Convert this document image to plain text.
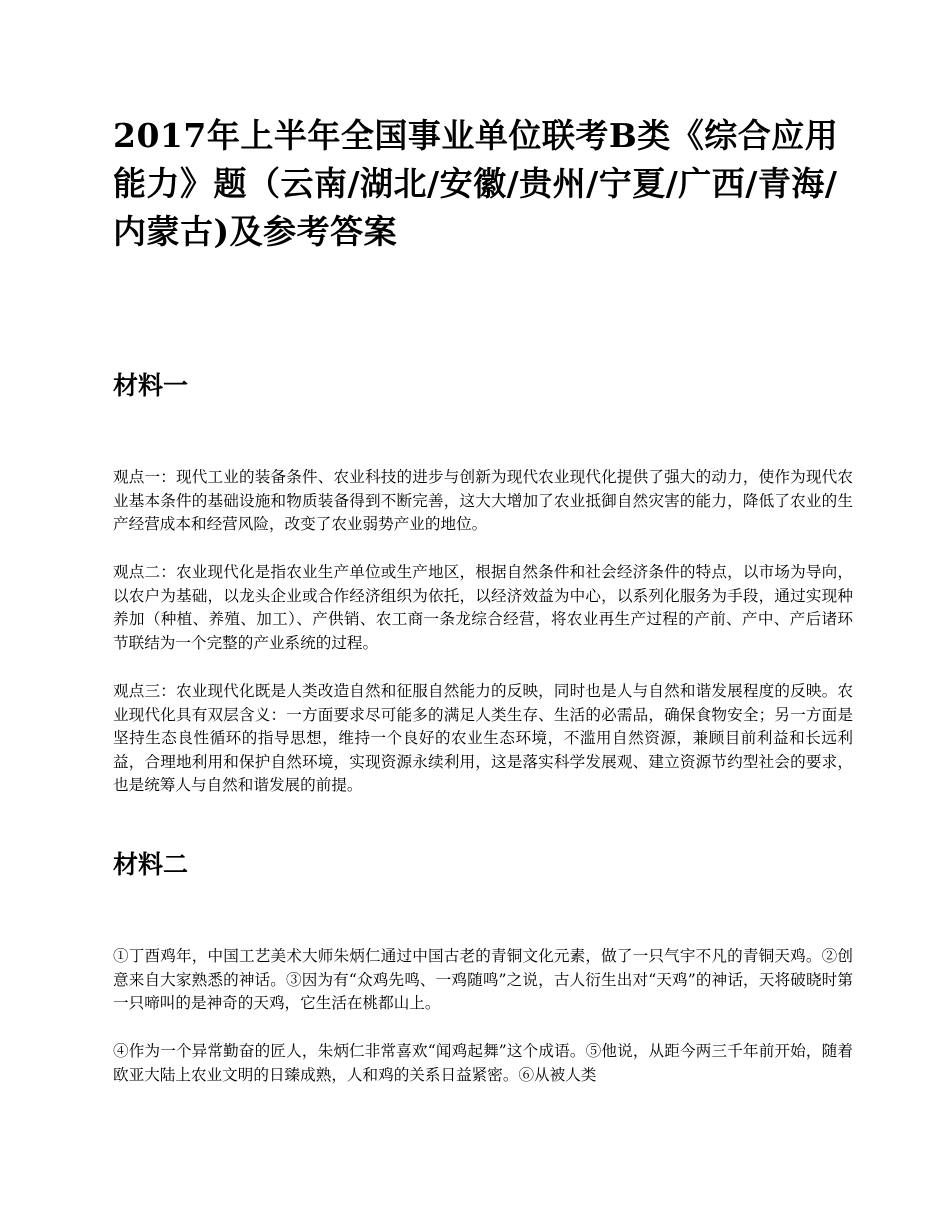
2017年上半年全国事业单位联考B类《综合应用能力》题（云南/湖北/安徽/贵州/宁夏/广西/青海/内蒙古)及参考答案
材料一

观点一：现代工业的装备条件、农业科技的进步与创新为现代农业现代化提供了强大的动力，使作为现代农业基本条件的基础设施和物质装备得到不断完善，这大大增加了农业抵御自然灾害的能力，降低了农业的生产经营成本和经营风险，改变了农业弱势产业的地位。

观点二：农业现代化是指农业生产单位或生产地区，根据自然条件和社会经济条件的特点，以市场为导向，以农户为基础，以龙头企业或合作经济组织为依托，以经济效益为中心，以系列化服务为手段，通过实现种养加（种植、养殖、加工）、产供销、农工商一条龙综合经营，将农业再生产过程的产前、产中、产后诸环节联结为一个完整的产业系统的过程。

观点三：农业现代化既是人类改造自然和征服自然能力的反映，同时也是人与自然和谐发展程度的反映。农业现代化具有双层含义：一方面要求尽可能多的满足人类生存、生活的必需品，确保食物安全；另一方面是坚持生态良性循环的指导思想，维持一个良好的农业生态环境，不滥用自然资源，兼顾目前利益和长远利益，合理地利用和保护自然环境，实现资源永续利用，这是落实科学发展观、建立资源节约型社会的要求，也是统筹人与自然和谐发展的前提。

材料二

①丁酉鸡年，中国工艺美术大师朱炳仁通过中国古老的青铜文化元素，做了一只气宇不凡的青铜天鸡。②创意来自大家熟悉的神话。③因为有“众鸡先鸣、一鸡随鸣”之说，古人衍生出对“天鸡”的神话，天将破晓时第一只啼叫的是神奇的天鸡，它生活在桃都山上。

④作为一个异常勤奋的匠人，朱炳仁非常喜欢“闻鸡起舞”这个成语。⑤他说，从距今两三千年前开始，随着欧亚大陆上农业文明的日臻成熟，人和鸡的关系日益紧密。⑥从被人类
